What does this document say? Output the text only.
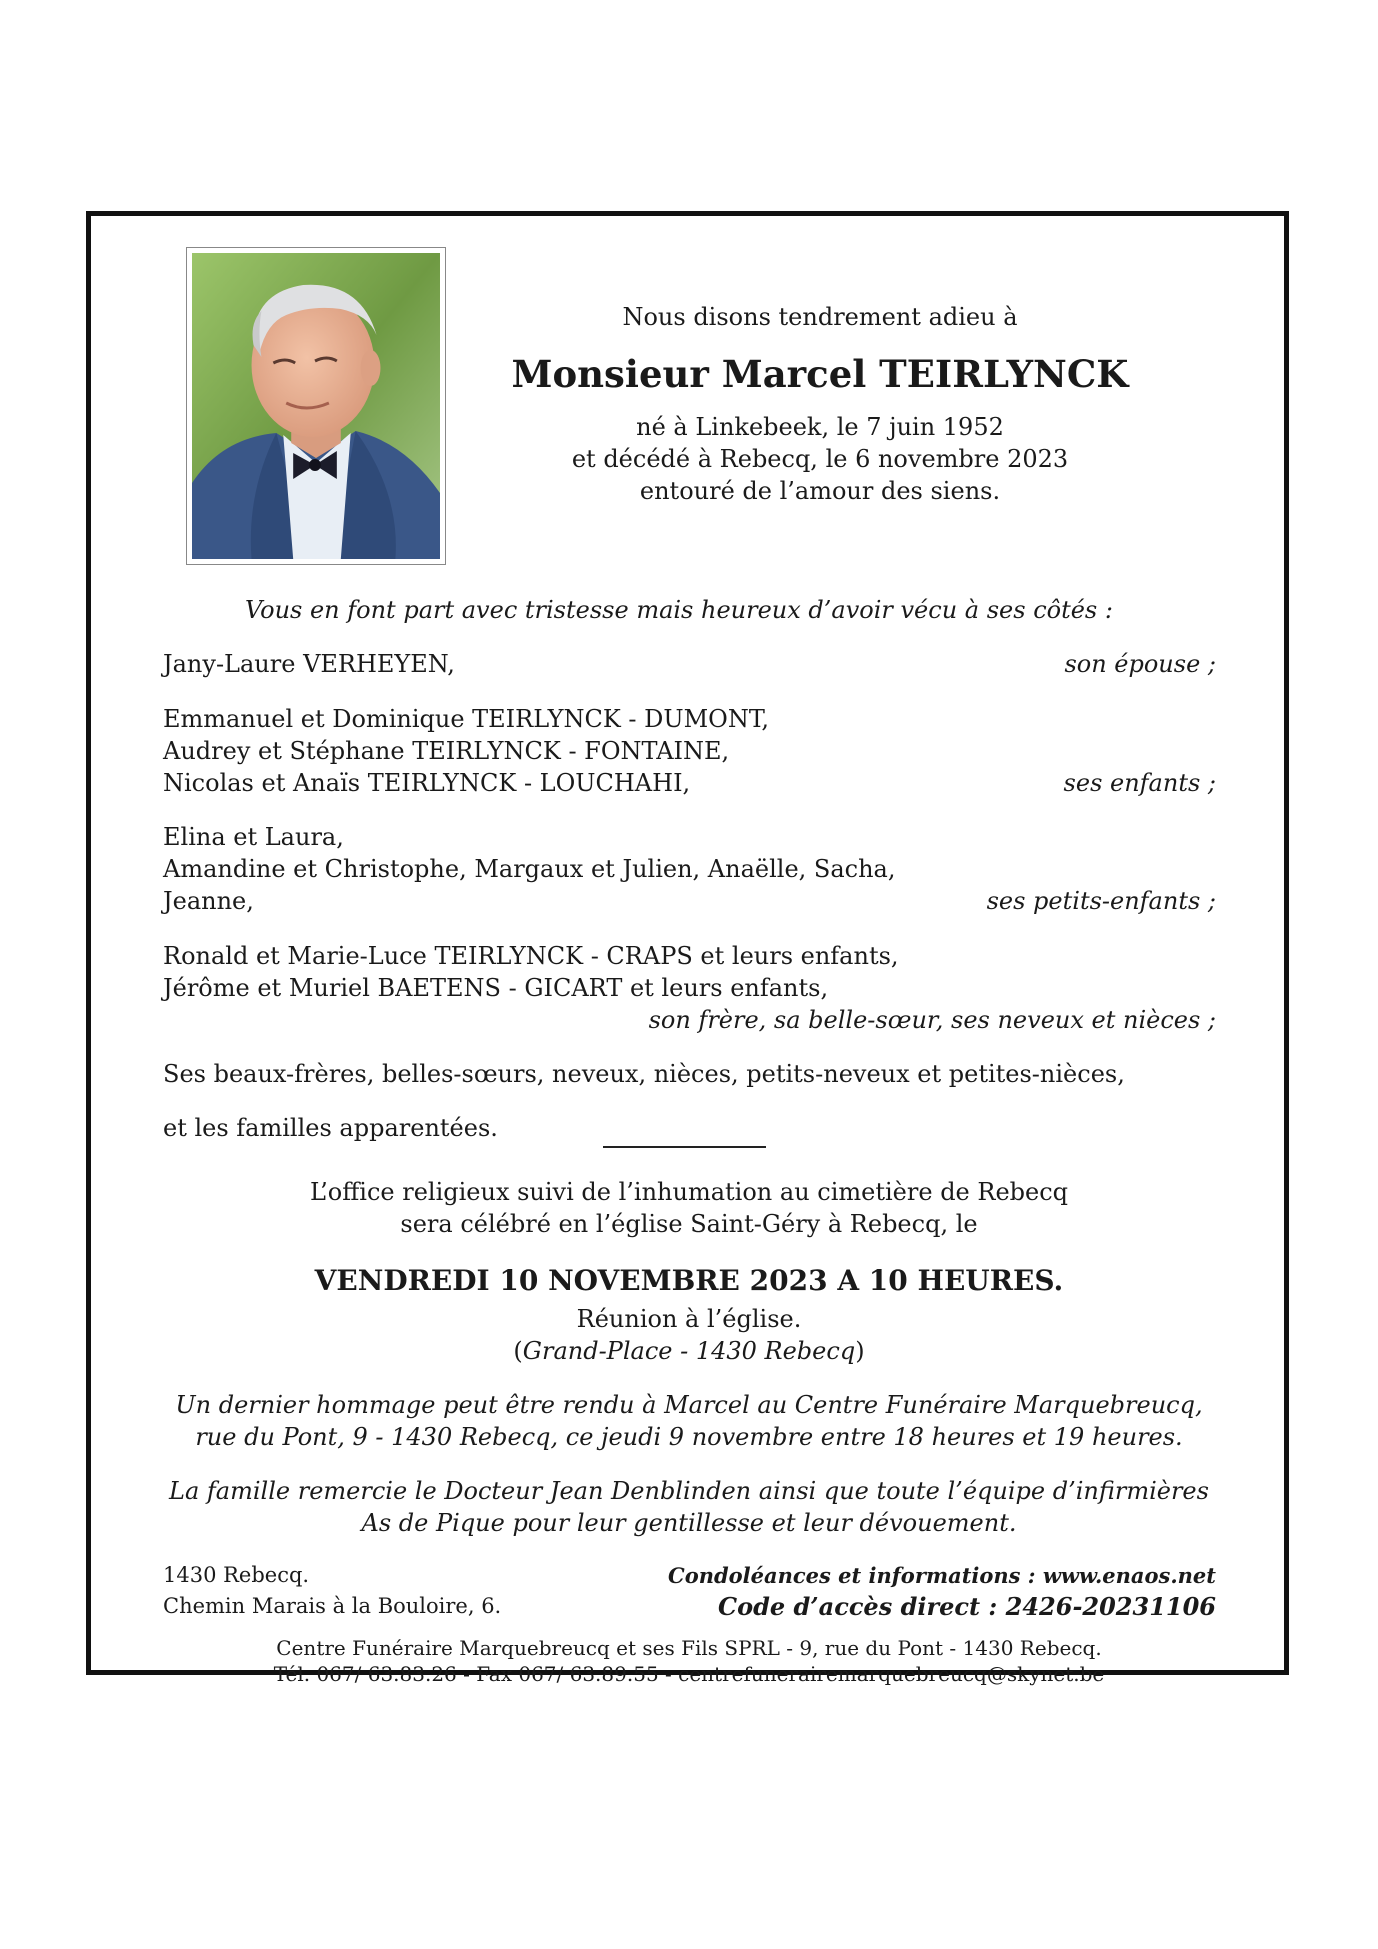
Nous disons tendrement adieu à
Monsieur Marcel TEIRLYNCK
né à Linkebeek, le 7 juin 1952
et décédé à Rebecq, le 6 novembre 2023
entouré de l’amour des siens.
Vous en font part avec tristesse mais heureux d’avoir vécu à ses côtés :
Jany-Laure VERHEYEN,	son épouse ;
Emmanuel et Dominique TEIRLYNCK - DUMONT,
Audrey et Stéphane TEIRLYNCK - FONTAINE,
Nicolas et Anaïs TEIRLYNCK - LOUCHAHI,	ses enfants ;
Elina et Laura,
Amandine et Christophe, Margaux et Julien, Anaëlle, Sacha,
Jeanne,	ses petits-enfants ;
Ronald et Marie-Luce TEIRLYNCK - CRAPS et leurs enfants,
Jérôme et Muriel BAETENS - GICART et leurs enfants,
son frère, sa belle-sœur, ses neveux et nièces ;
Ses beaux-frères, belles-sœurs, neveux, nièces, petits-neveux et petites-nièces,
et les familles apparentées.
L’office religieux suivi de l’inhumation au cimetière de Rebecq
sera célébré en l’église Saint-Géry à Rebecq, le
VENDREDI 10 NOVEMBRE 2023 A 10 HEURES.
Réunion à l’église.
(Grand-Place - 1430 Rebecq)
Un dernier hommage peut être rendu à Marcel au Centre Funéraire Marquebreucq,
rue du Pont, 9 - 1430 Rebecq, ce jeudi 9 novembre entre 18 heures et 19 heures.
La famille remercie le Docteur Jean Denblinden ainsi que toute l’équipe d’infirmières
As de Pique pour leur gentillesse et leur dévouement.
1430 Rebecq.
Chemin Marais à la Bouloire, 6.
Condoléances et informations : www.enaos.net
Code d’accès direct : 2426-20231106
Centre Funéraire Marquebreucq et ses Fils SPRL - 9, rue du Pont - 1430 Rebecq.
Tél. 067/ 63.83.26 - Fax 067/ 63.89.55 - centrefunerairemarquebreucq@skynet.be
